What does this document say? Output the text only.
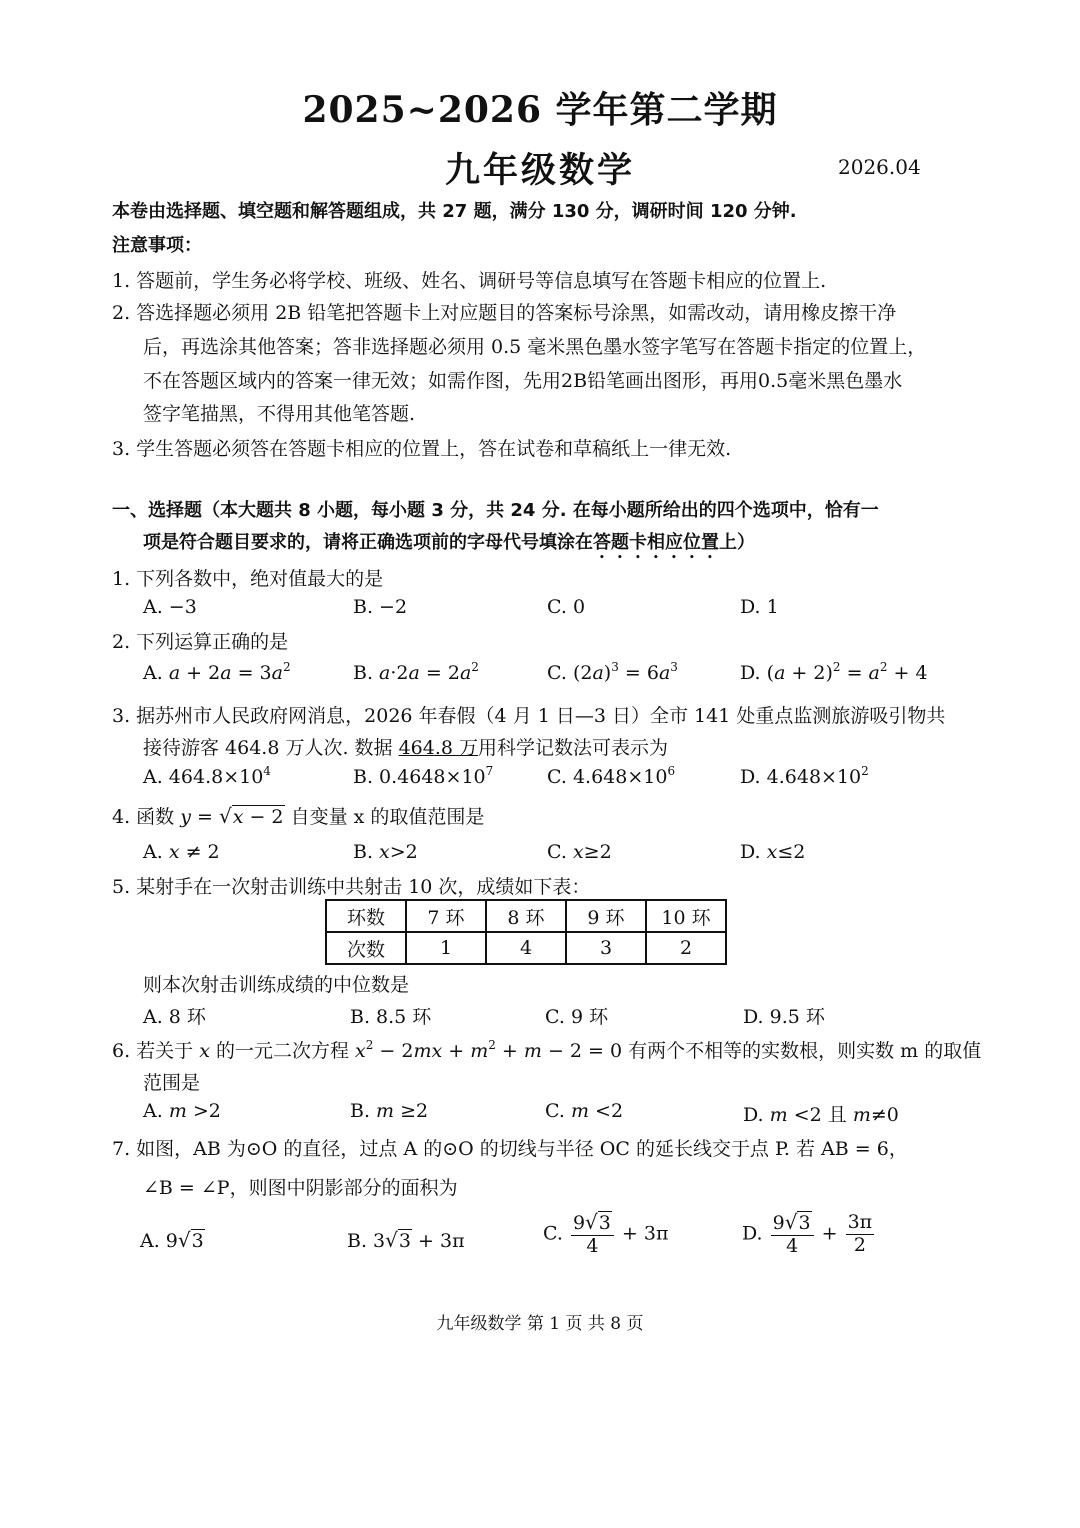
2025~2026 学年第二学期
九年级数学	2026.04
本卷由选择题、填空题和解答题组成，共 27 题，满分 130 分，调研时间 120 分钟.
注意事项：
1. 答题前，学生务必将学校、班级、姓名、调研号等信息填写在答题卡相应的位置上.
2. 答选择题必须用 2B 铅笔把答题卡上对应题目的答案标号涂黑，如需改动，请用橡皮擦干净
后，再选涂其他答案；答非选择题必须用 0.5 毫米黑色墨水签字笔写在答题卡指定的位置上，
不在答题区域内的答案一律无效；如需作图，先用2B铅笔画出图形，再用0.5毫米黑色墨水
签字笔描黑，不得用其他笔答题.
3. 学生答题必须答在答题卡相应的位置上，答在试卷和草稿纸上一律无效.
一、选择题（本大题共 8 小题，每小题 3 分，共 24 分. 在每小题所给出的四个选项中，恰有一
项是符合题目要求的，请将正确选项前的字母代号填涂在答题卡相应位置上）
1. 下列各数中，绝对值最大的是
A. −3	B. −2	C. 0	D. 1
2. 下列运算正确的是
A. $a + 2a = 3a^2$	B. $a\cdot 2a = 2a^2$	C. $(2a)^3 = 6a^3$	D. $(a + 2)^2 = a^2 + 4$
3. 据苏州市人民政府网消息，2026 年春假（4 月 1 日—3 日）全市 141 处重点监测旅游吸引物共
接待游客 464.8 万人次. 数据 464.8 万用科学记数法可表示为
A. $464.8\times 10^4$	B. $0.4648\times 10^7$	C. $4.648\times 10^6$	D. $4.648\times 10^2$
4. 函数 y = √x − 2 自变量 x 的取值范围是
A. x ≠ 2	B. x>2	C. x≥2	D. x≤2
5. 某射手在一次射击训练中共射击 10 次，成绩如下表：
环数	7 环	8 环	9 环	10 环
次数	1	4	3	2
则本次射击训练成绩的中位数是
A. 8 环	B. 8.5 环	C. 9 环	D. 9.5 环
6. 若关于 x 的一元二次方程 $x^2 - 2mx + m^2 + m - 2 = 0$ 有两个不相等的实数根，则实数 m 的取值
范围是
A. m >2	B. m ≥2	C. m <2	D. m <2 且 m≠0
7. 如图，AB 为⊙O 的直径，过点 A 的⊙O 的切线与半径 OC 的延长线交于点 P. 若 AB = 6，
∠B = ∠P，则图中阴影部分的面积为
A. 9√3	B. 3√3 + 3π	C. $\frac{9√3}{4} + 3\pi$	D. $\frac{9√3}{4} + \frac{3\pi}{2}$
九年级数学 第 1 页 共 8 页
